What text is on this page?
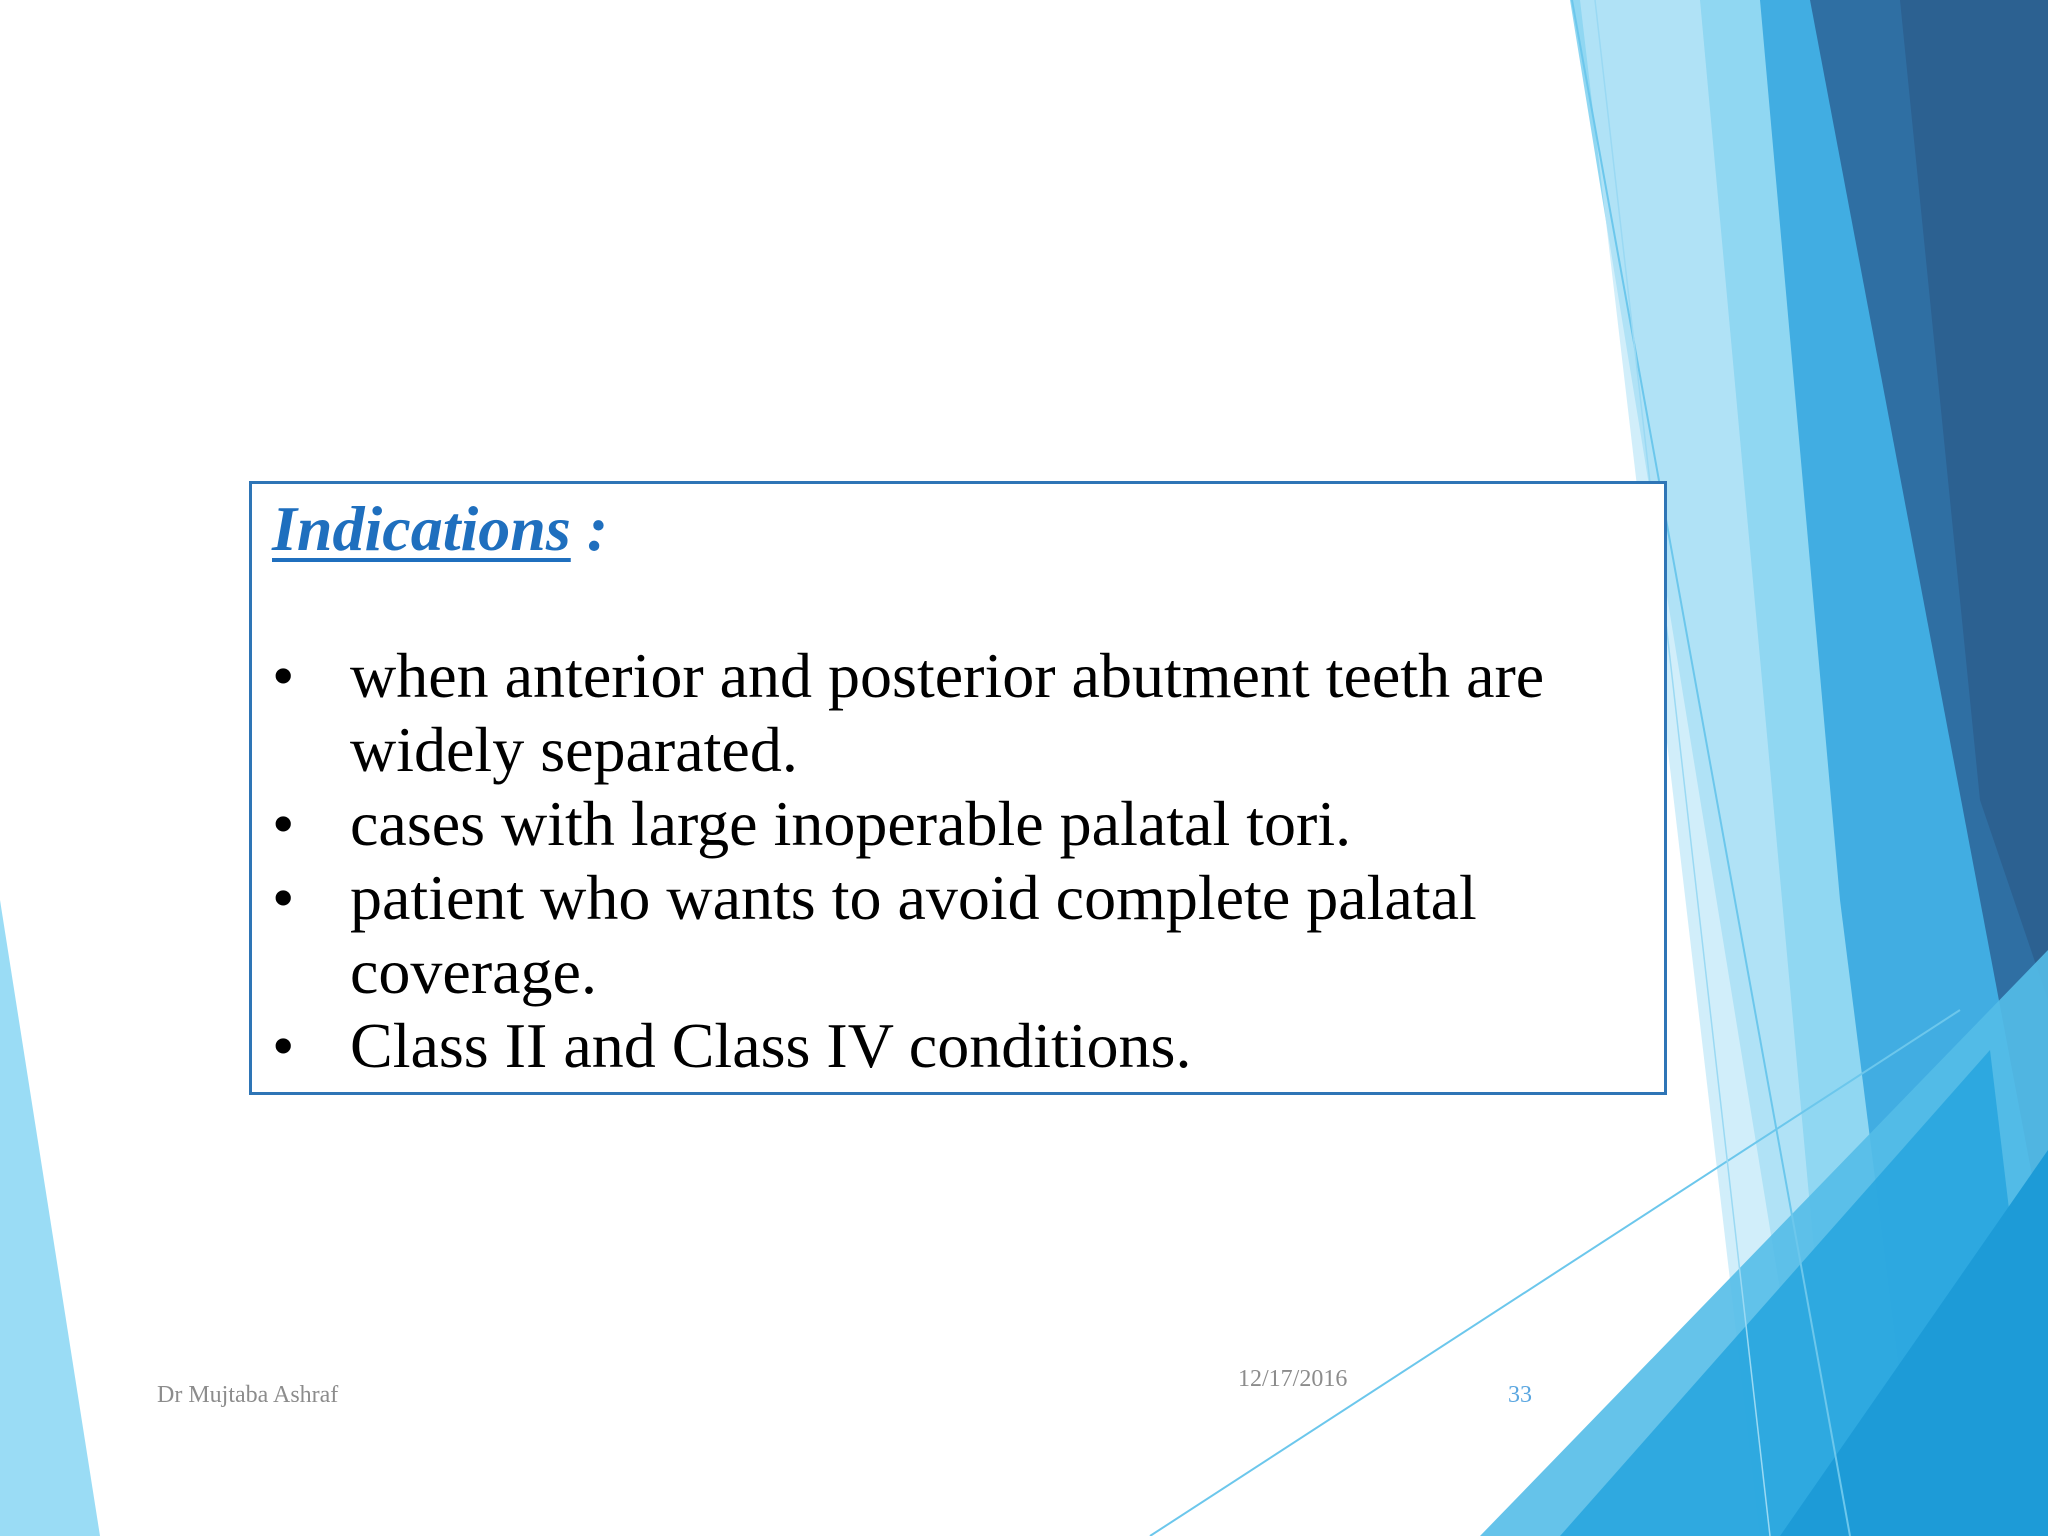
Indications :
• when anterior and posterior abutment teeth are widely separated.
• cases with large inoperable palatal tori.
• patient who wants to avoid complete palatal coverage.
• Class II and Class IV conditions.
Dr Mujtaba Ashraf
12/17/2016
33
